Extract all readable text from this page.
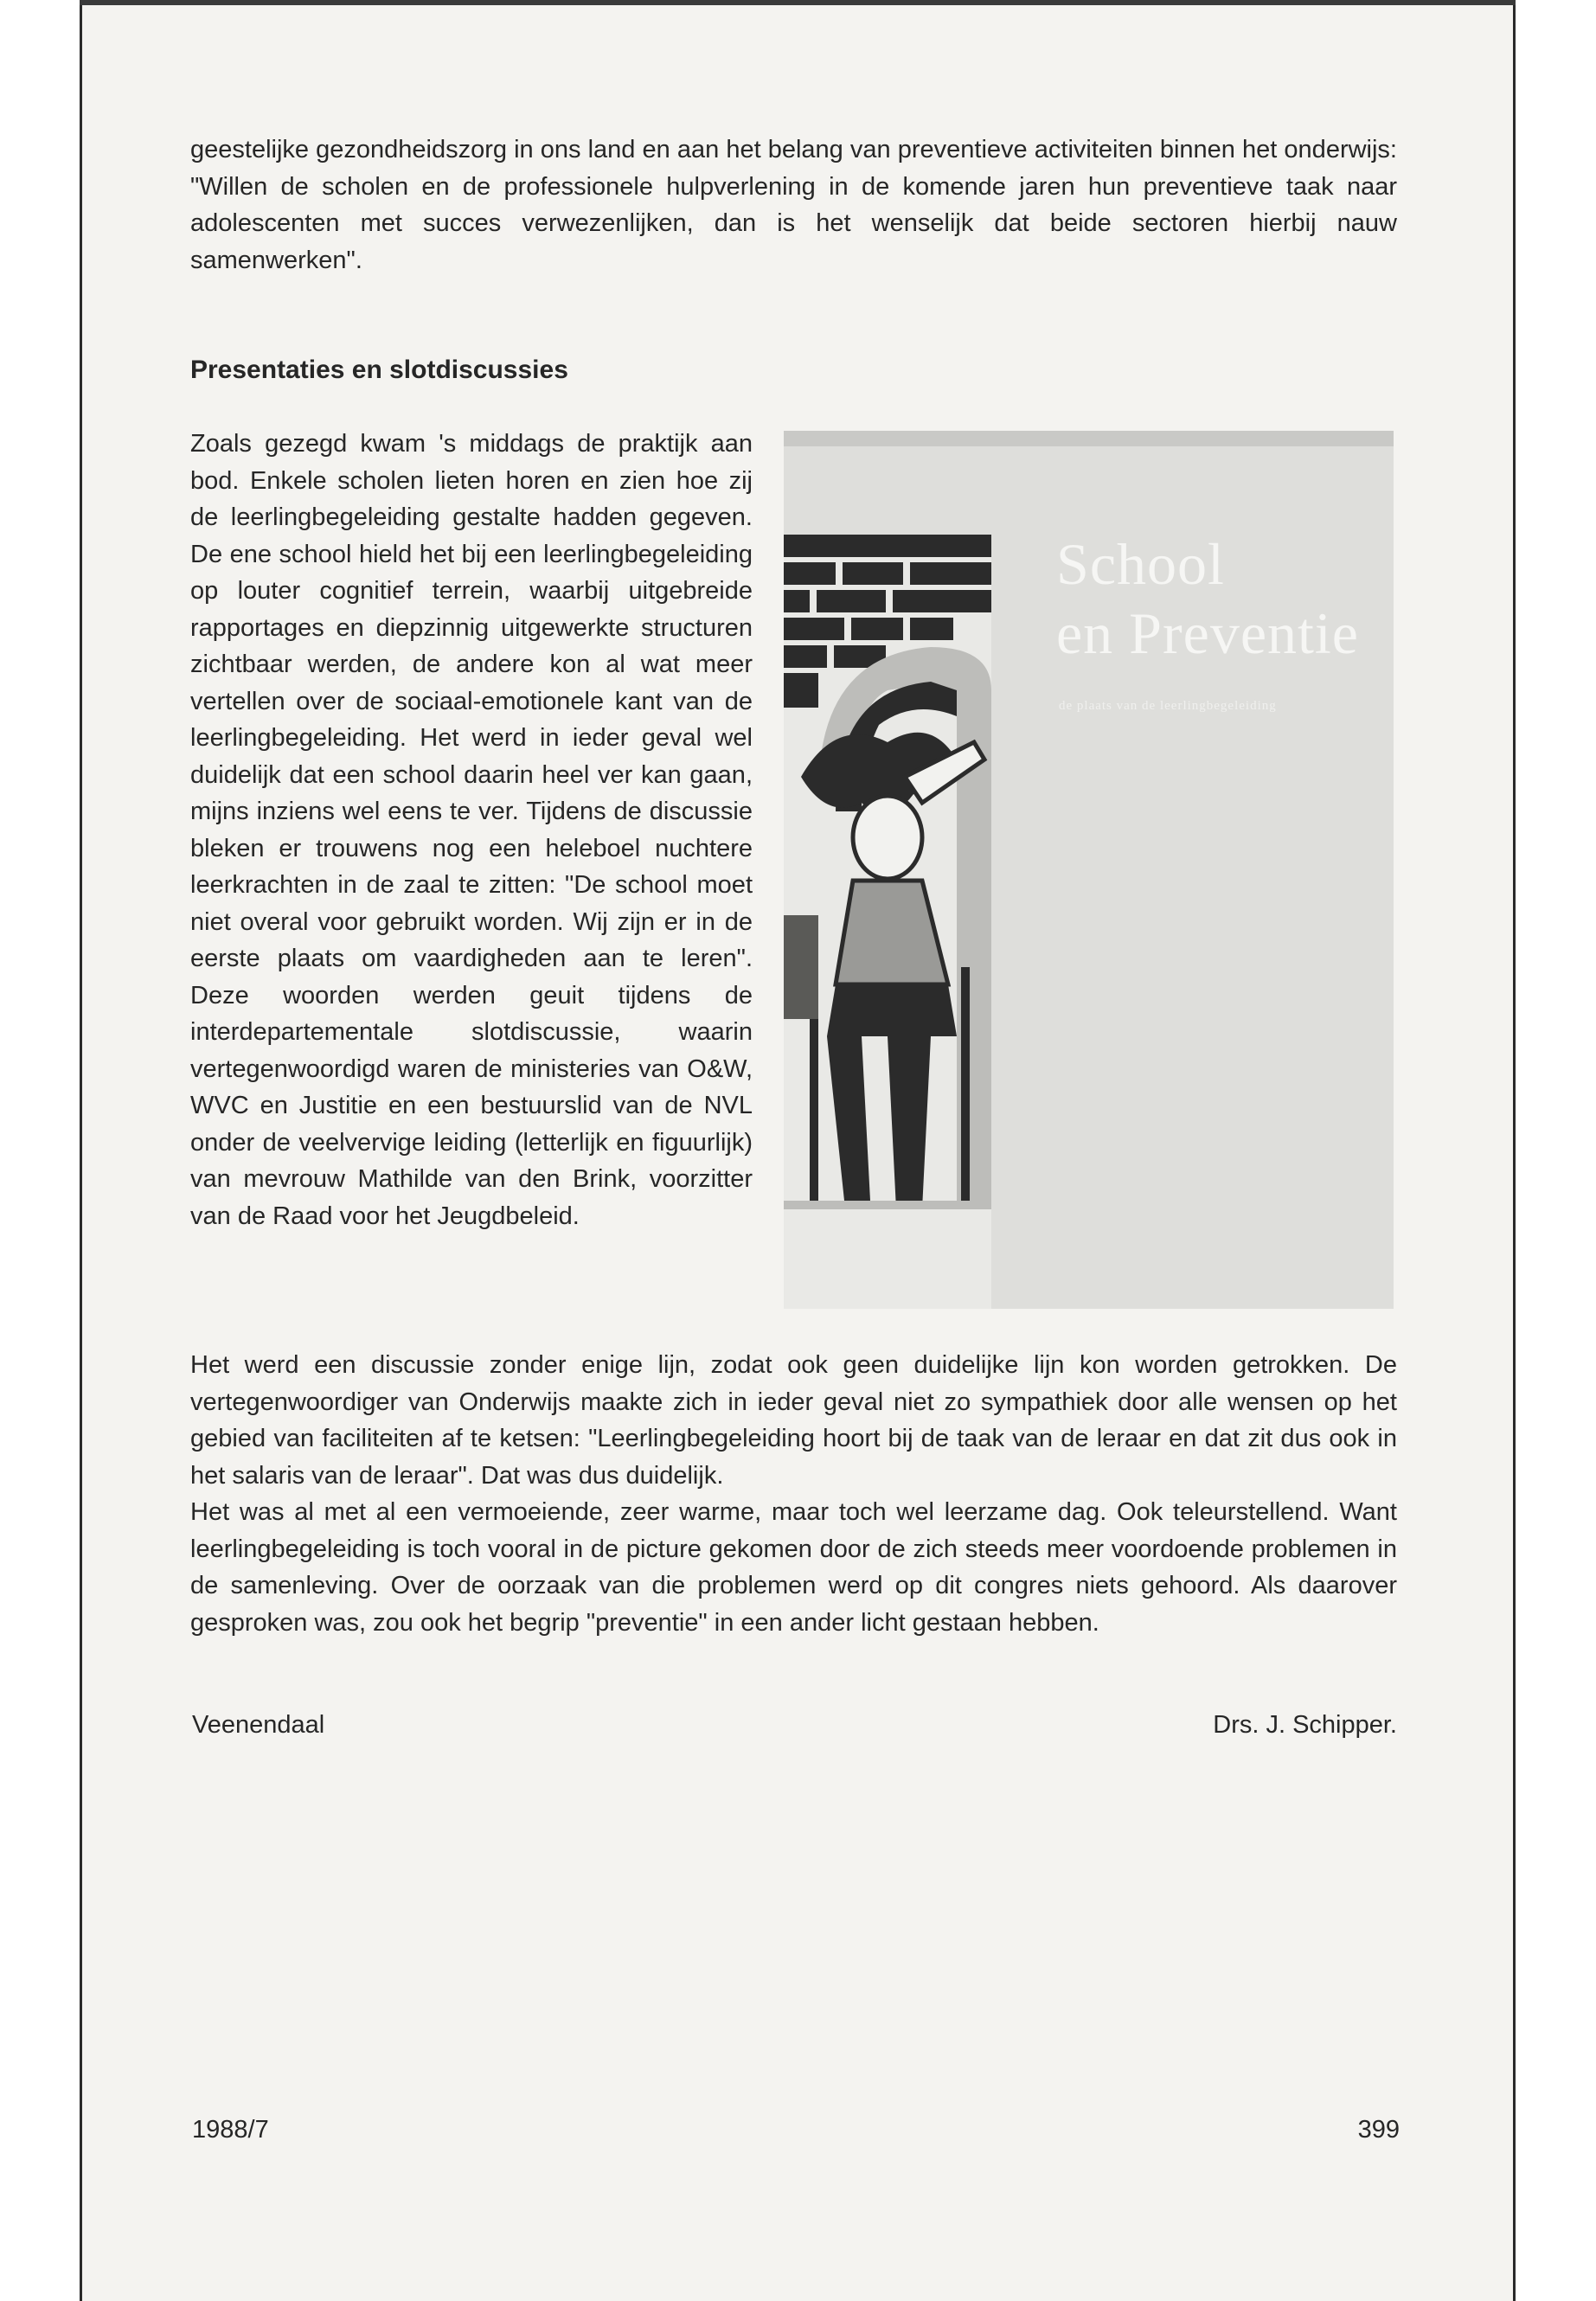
geestelijke gezondheidszorg in ons land en aan het belang van preventieve activiteiten binnen het onderwijs: "Willen de scholen en de professionele hulpverlening in de komende jaren hun preventieve taak naar adolescenten met succes verwezenlijken, dan is het wenselijk dat beide sectoren hierbij nauw samenwerken".

Presentaties en slotdiscussies

Zoals gezegd kwam 's middags de praktijk aan bod. Enkele scholen lieten horen en zien hoe zij de leerlingbegeleiding gestalte hadden gegeven. De ene school hield het bij een leerlingbegeleiding op louter cognitief terrein, waarbij uitgebreide rapportages en diepzinnig uitgewerkte structuren zichtbaar werden, de andere kon al wat meer vertellen over de sociaal-emotionele kant van de leerlingbegeleiding. Het werd in ieder geval wel duidelijk dat een school daarin heel ver kan gaan, mijns inziens wel eens te ver. Tijdens de discussie bleken er trouwens nog een heleboel nuchtere leerkrachten in de zaal te zitten: "De school moet niet overal voor gebruikt worden. Wij zijn er in de eerste plaats om vaardigheden aan te leren". Deze woorden werden geuit tijdens de interdepartementale slotdiscussie, waarin vertegenwoordigd waren de ministeries van O&W, WVC en Justitie en een bestuurslid van de NVL onder de veelvervige leiding (letterlijk en figuurlijk) van mevrouw Mathilde van den Brink, voorzitter van de Raad voor het Jeugdbeleid.

School
en Preventie
de plaats van de leerlingbegeleiding

Het werd een discussie zonder enige lijn, zodat ook geen duidelijke lijn kon worden getrokken. De vertegenwoordiger van Onderwijs maakte zich in ieder geval niet zo sympathiek door alle wensen op het gebied van faciliteiten af te ketsen: "Leerlingbegeleiding hoort bij de taak van de leraar en dat zit dus ook in het salaris van de leraar". Dat was dus duidelijk.

Het was al met al een vermoeiende, zeer warme, maar toch wel leerzame dag. Ook teleurstellend. Want leerlingbegeleiding is toch vooral in de picture gekomen door de zich steeds meer voordoende problemen in de samenleving. Over de oorzaak van die problemen werd op dit congres niets gehoord. Als daarover gesproken was, zou ook het begrip "preventie" in een ander licht gestaan hebben.

Veenendaal	Drs. J. Schipper.
1988/7	399
